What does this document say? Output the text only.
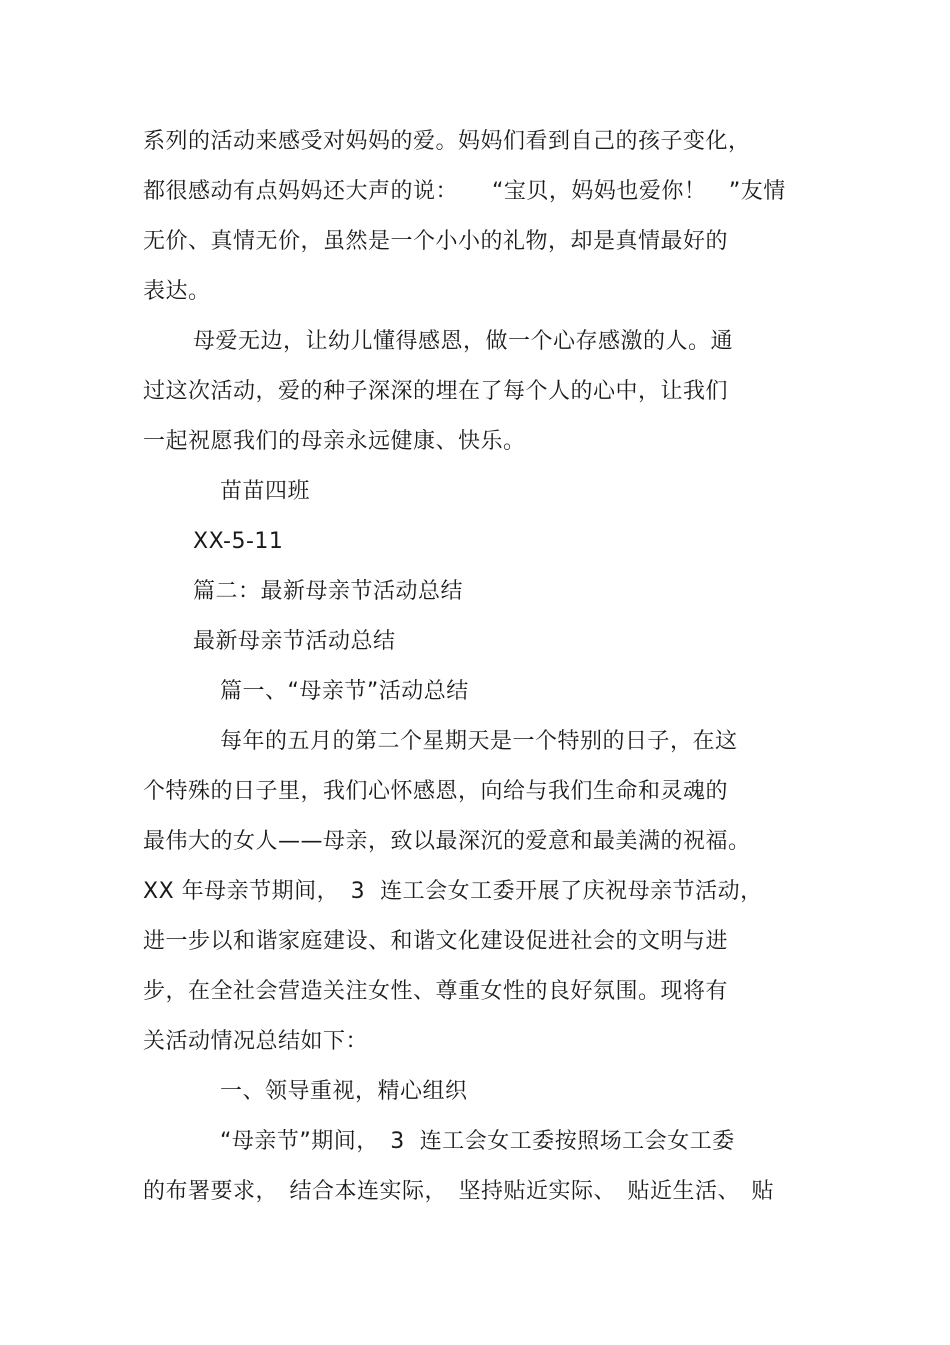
系列的活动来感受对妈妈的爱。妈妈们看到自己的孩子变化，
都很感动有点妈妈还大声的说：　　“宝贝，妈妈也爱你！　”友情
无价、真情无价，虽然是一个小小的礼物，却是真情最好的
表达。
母爱无边，让幼儿懂得感恩，做一个心存感激的人。通
过这次活动，爱的种子深深的埋在了每个人的心中，让我们
一起祝愿我们的母亲永远健康、快乐。
苗苗四班
XX-5-11
篇二：最新母亲节活动总结
最新母亲节活动总结
篇一、“母亲节”活动总结
每年的五月的第二个星期天是一个特别的日子，在这
个特殊的日子里，我们心怀感恩，向给与我们生命和灵魂的
最伟大的女人——母亲，致以最深沉的爱意和最美满的祝福。
XX 年母亲节期间，　3  连工会女工委开展了庆祝母亲节活动，
进一步以和谐家庭建设、和谐文化建设促进社会的文明与进
步，在全社会营造关注女性、尊重女性的良好氛围。现将有
关活动情况总结如下：
一、领导重视，精心组织
“母亲节”期间，　3  连工会女工委按照场工会女工委
的布署要求，　结合本连实际，　坚持贴近实际、　贴近生活、　贴
